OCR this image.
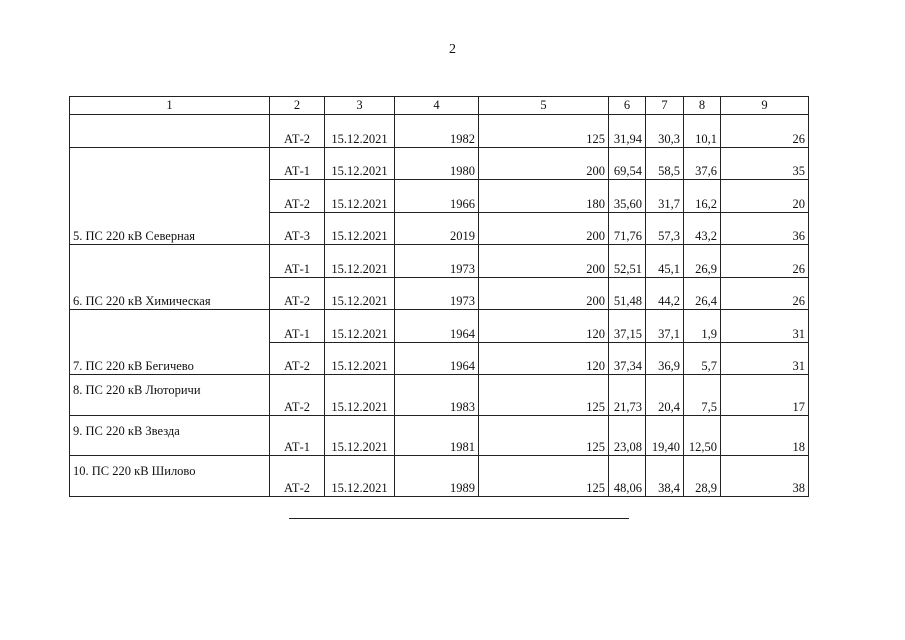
2
1	2	3	4	5	6	7	8	9
	АТ-2	15.12.2021	1982	125	31,94	30,3	10,1	26
5. ПС 220 кВ Северная	АТ-1	15.12.2021	1980	200	69,54	58,5	37,6	35
	АТ-2	15.12.2021	1966	180	35,60	31,7	16,2	20
	АТ-3	15.12.2021	2019	200	71,76	57,3	43,2	36
6. ПС 220 кВ Химическая	АТ-1	15.12.2021	1973	200	52,51	45,1	26,9	26
	АТ-2	15.12.2021	1973	200	51,48	44,2	26,4	26
7. ПС 220 кВ Бегичево	АТ-1	15.12.2021	1964	120	37,15	37,1	1,9	31
	АТ-2	15.12.2021	1964	120	37,34	36,9	5,7	31
8. ПС 220 кВ Люторичи	АТ-2	15.12.2021	1983	125	21,73	20,4	7,5	17
9. ПС 220 кВ Звезда	АТ-1	15.12.2021	1981	125	23,08	19,40	12,50	18
10. ПС 220 кВ Шилово	АТ-2	15.12.2021	1989	125	48,06	38,4	28,9	38
